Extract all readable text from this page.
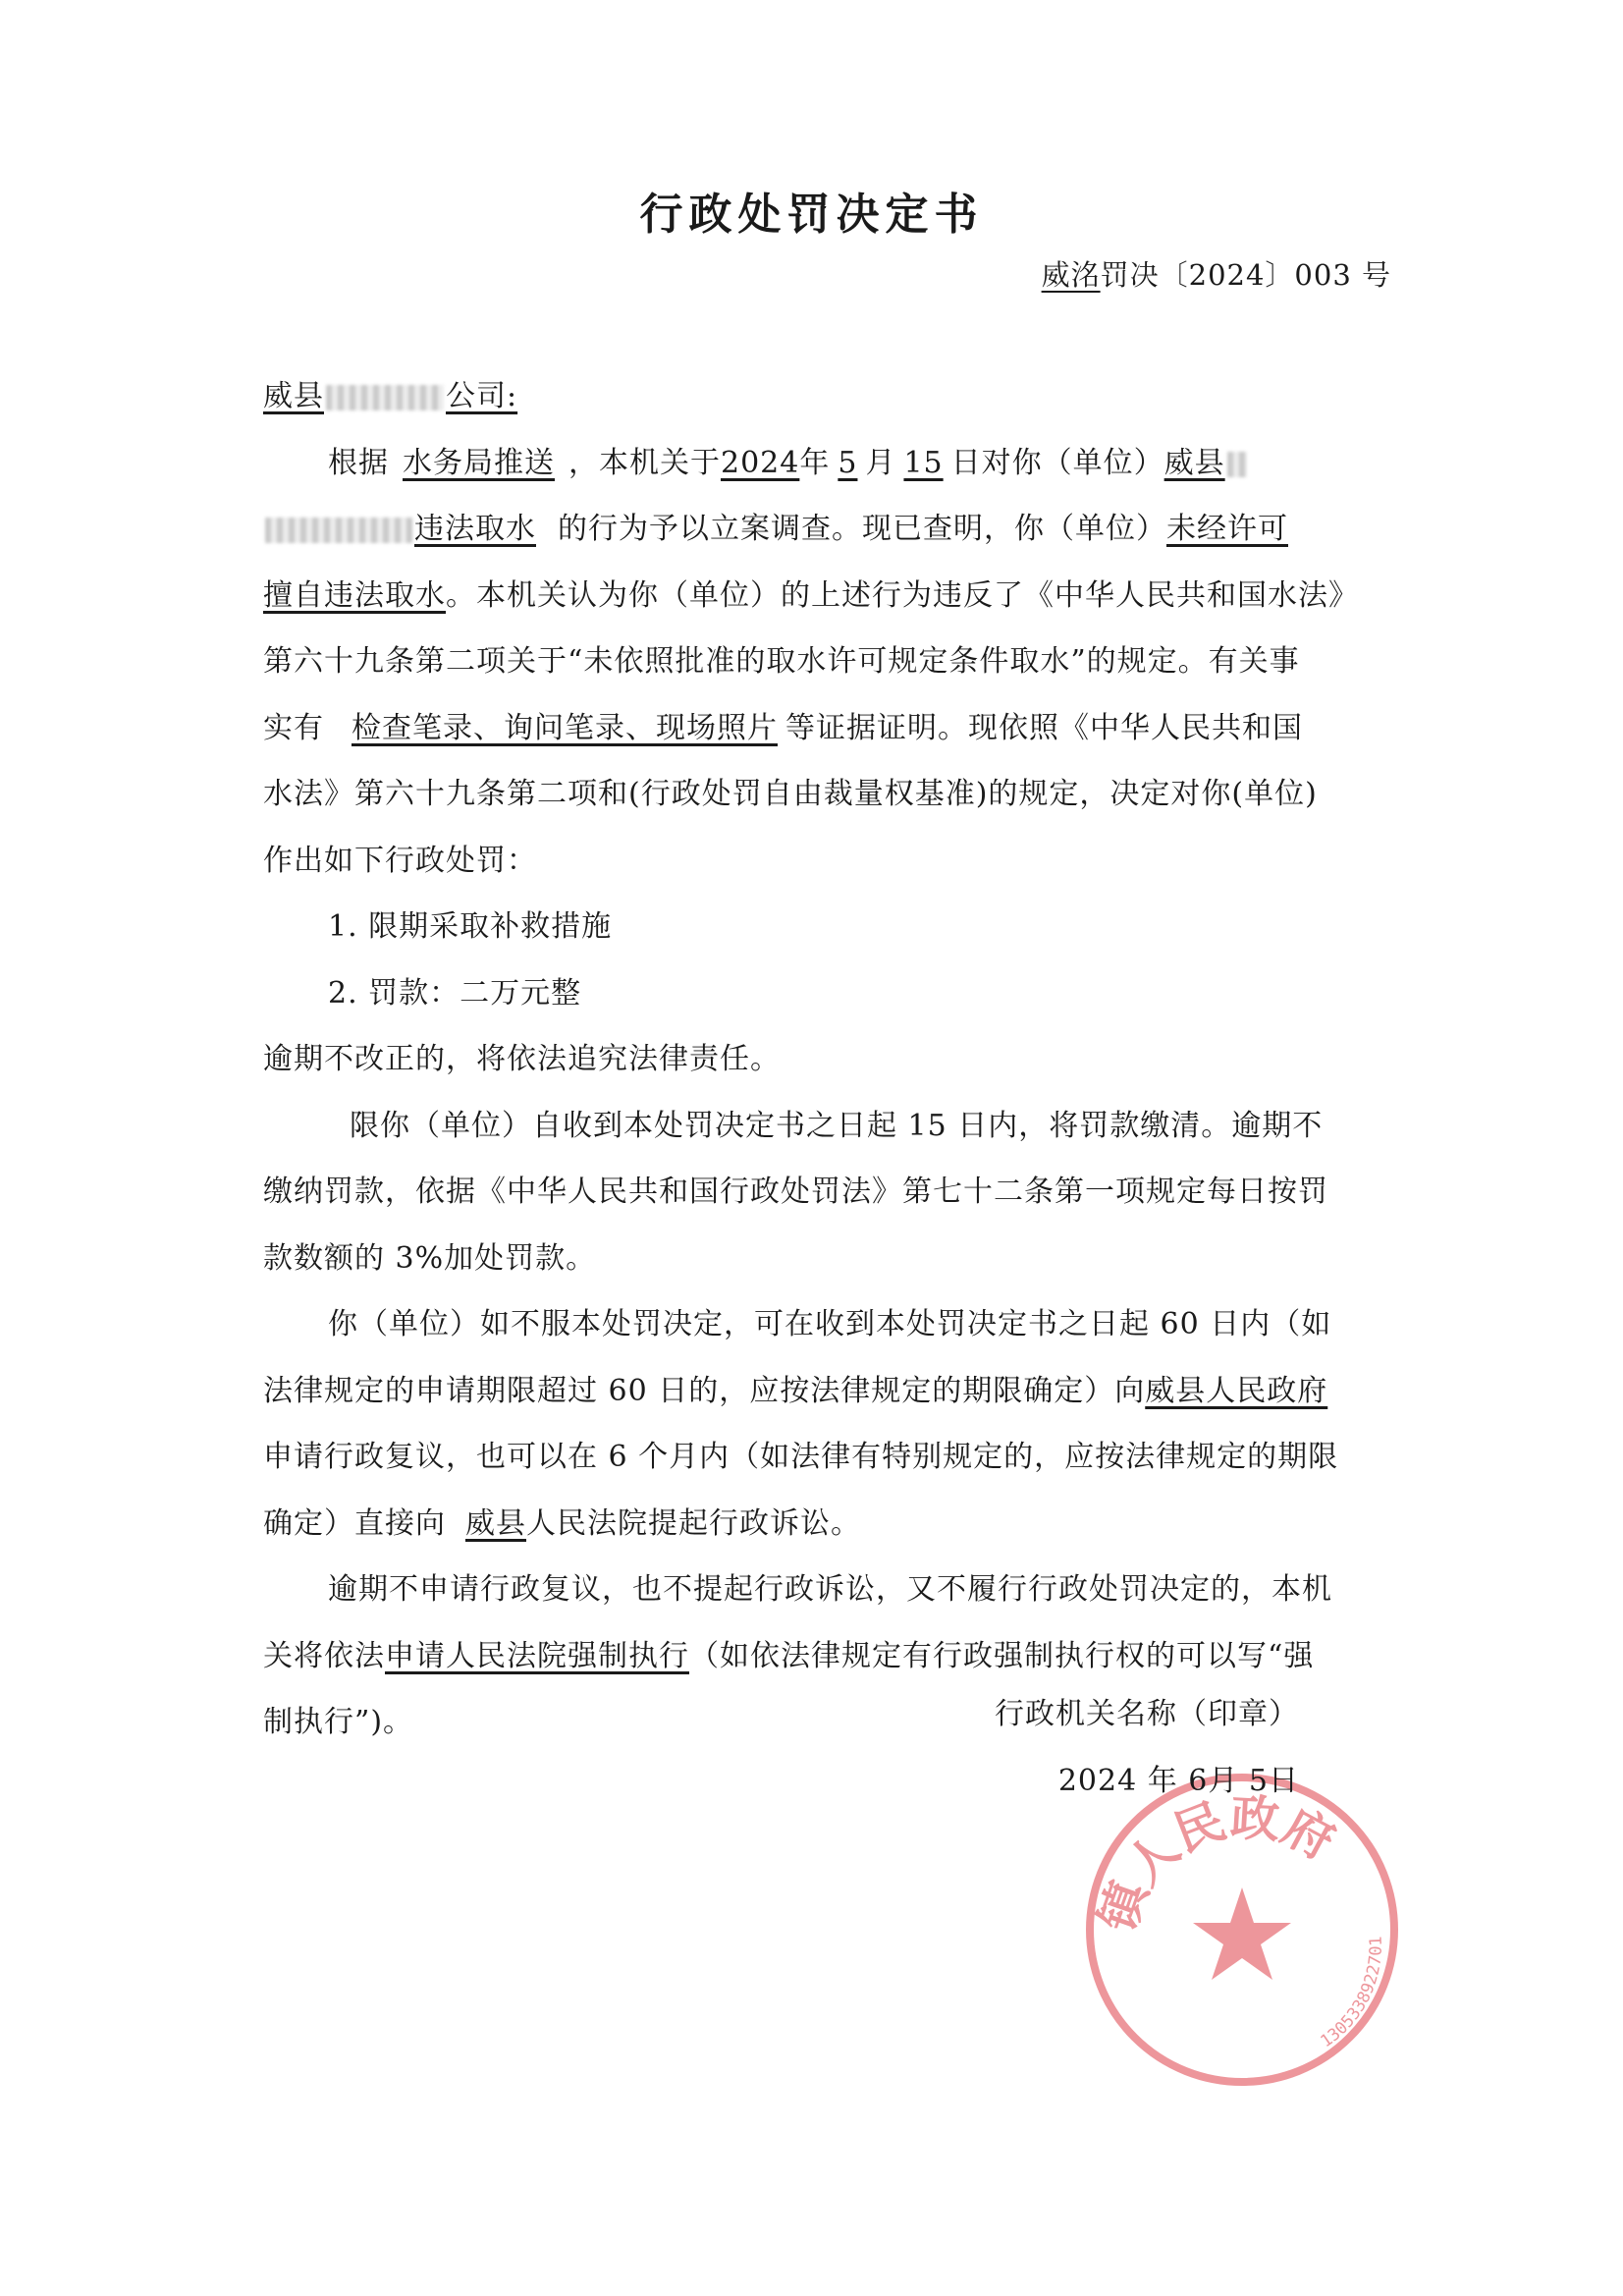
行政处罚决定书
威洺罚决〔2024〕003 号
威县	公司:
根据 水务局推送 ，本机关于2024年 5 月 15 日对你（单位）威县
违法取水 的行为予以立案调查。现已查明，你（单位）未经许可
擅自违法取水。本机关认为你（单位）的上述行为违反了《中华人民共和国水法》
第六十九条第二项关于“未依照批准的取水许可规定条件取水”的规定。有关事
实有 检查笔录、询问笔录、现场照片 等证据证明。现依照《中华人民共和国
水法》第六十九条第二项和(行政处罚自由裁量权基准)的规定，决定对你(单位)
作出如下行政处罚：
1. 限期采取补救措施
2. 罚款：二万元整
逾期不改正的，将依法追究法律责任。
限你（单位）自收到本处罚决定书之日起 15 日内，将罚款缴清。逾期不
缴纳罚款，依据《中华人民共和国行政处罚法》第七十二条第一项规定每日按罚
款数额的 3%加处罚款。
你（单位）如不服本处罚决定，可在收到本处罚决定书之日起 60 日内（如
法律规定的申请期限超过 60 日的，应按法律规定的期限确定）向威县人民政府
申请行政复议，也可以在 6 个月内（如法律有特别规定的，应按法律规定的期限
确定）直接向 威县人民法院提起行政诉讼。
逾期不申请行政复议，也不提起行政诉讼，又不履行行政处罚决定的，本机
关将依法申请人民法院强制执行（如依法律规定有行政强制执行权的可以写“强
制执行”)。
镇人民政府
1305338922701
行政机关名称（印章）
2024 年 6月 5日
